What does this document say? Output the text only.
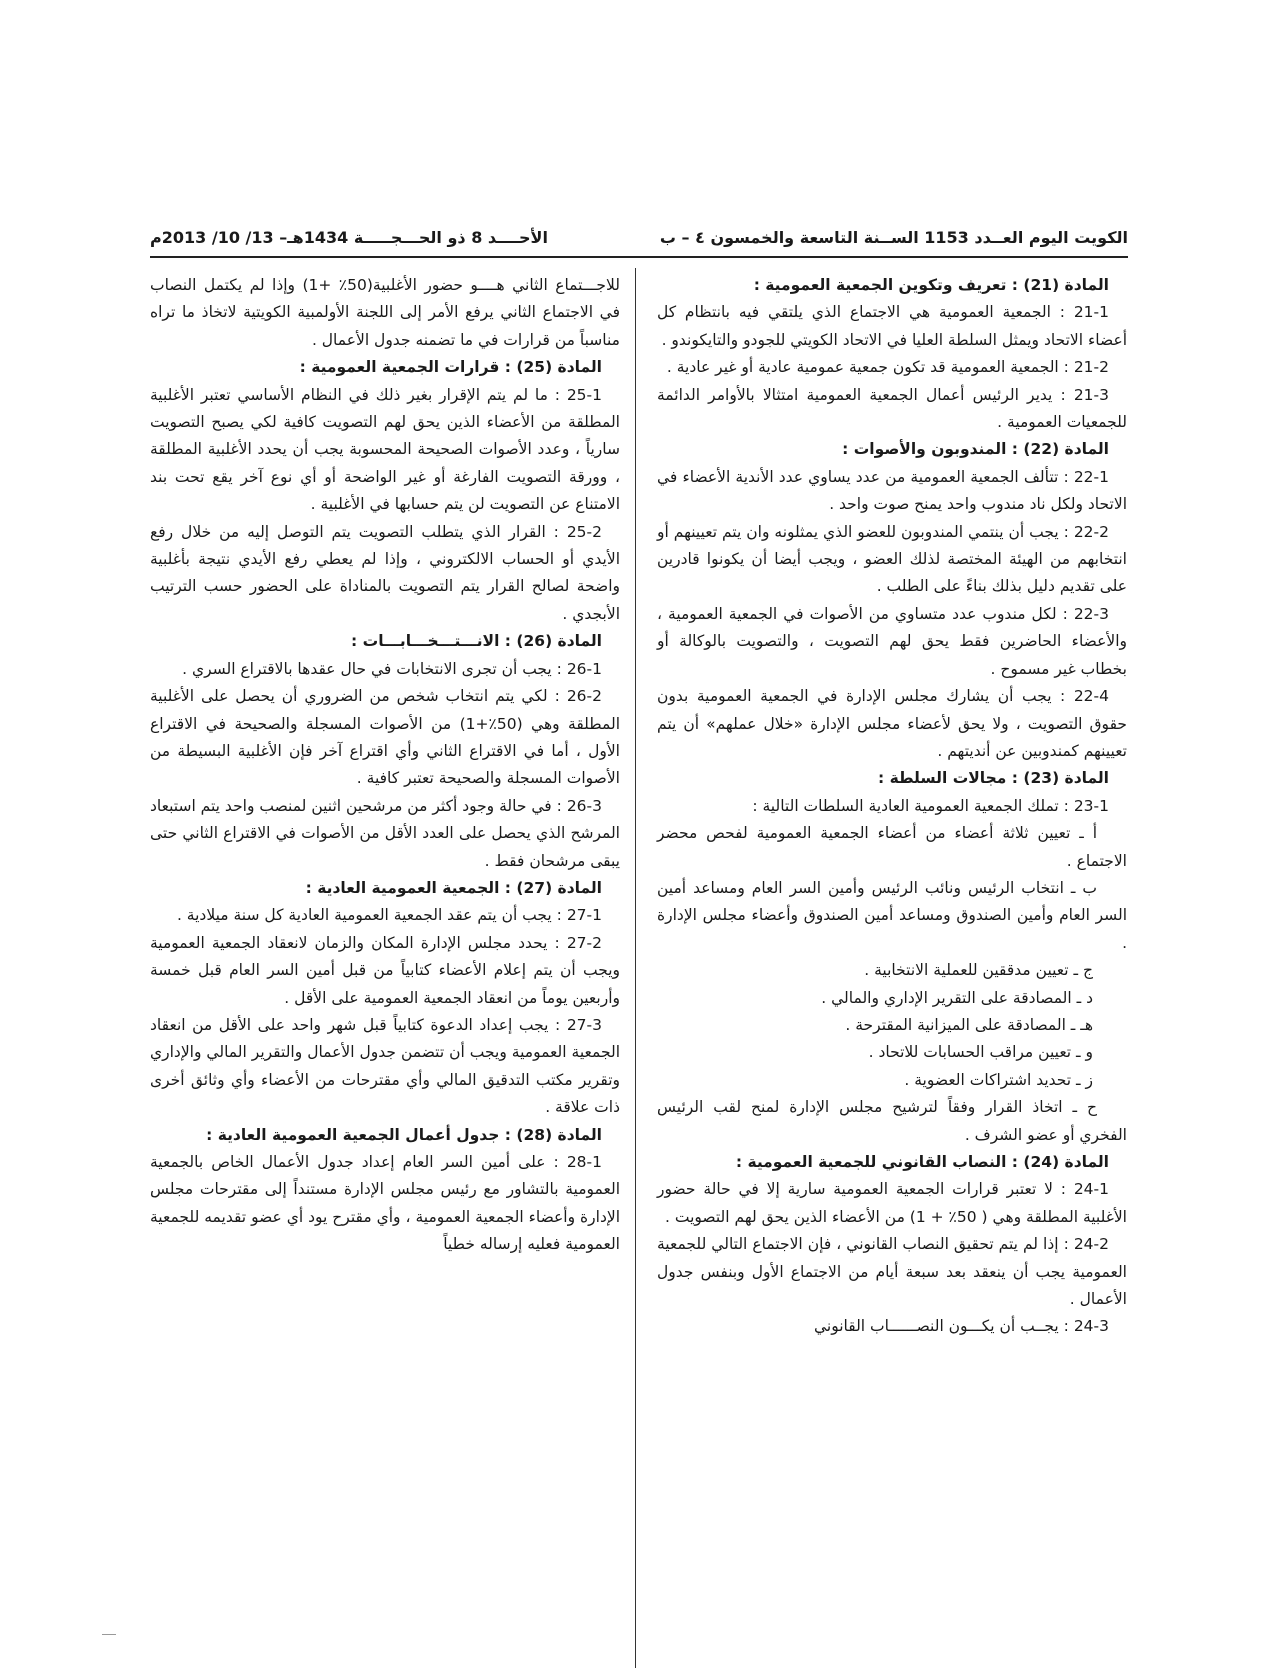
الكويت اليوم العــدد 1153 الســنة التاسعة والخمسون ٤ – ب
الأحــــد 8 ذو الحـــجـــــة 1434هـ– 13/ 10/ 2013م

المادة (21) : تعريف وتكوين الجمعية العمومية :

21-1 : الجمعية العمومية هي الاجتماع الذي يلتقي فيه بانتظام كل أعضاء الاتحاد ويمثل السلطة العليا في الاتحاد الكويتي للجودو والتايكوندو .

21-2 : الجمعية العمومية قد تكون جمعية عمومية عادية أو غير عادية .

21-3 : يدير الرئيس أعمال الجمعية العمومية امتثالا بالأوامر الدائمة للجمعيات العمومية .

المادة (22) : المندوبون والأصوات :

22-1 : تتألف الجمعية العمومية من عدد يساوي عدد الأندية الأعضاء في الاتحاد ولكل ناد مندوب واحد يمنح صوت واحد .

22-2 : يجب أن ينتمي المندوبون للعضو الذي يمثلونه وان يتم تعيينهم أو انتخابهم من الهيئة المختصة لذلك العضو ، ويجب أيضا أن يكونوا قادرين على تقديم دليل بذلك بناءً على الطلب .

22-3 : لكل مندوب عدد متساوي من الأصوات في الجمعية العمومية ، والأعضاء الحاضرين فقط يحق لهم التصويت ، والتصويت بالوكالة أو بخطاب غير مسموح .

22-4 : يجب أن يشارك مجلس الإدارة في الجمعية العمومية بدون حقوق التصويت ، ولا يحق لأعضاء مجلس الإدارة «خلال عملهم» أن يتم تعيينهم كمندوبين عن أنديتهم .

المادة (23) : مجالات السلطة :

23-1 : تملك الجمعية العمومية العادية السلطات التالية :

أ ـ تعيين ثلاثة أعضاء من أعضاء الجمعية العمومية لفحص محضر الاجتماع .

ب ـ انتخاب الرئيس ونائب الرئيس وأمين السر العام ومساعد أمين السر العام وأمين الصندوق ومساعد أمين الصندوق وأعضاء مجلس الإدارة .

ج ـ تعيين مدققين للعملية الانتخابية .

د ـ المصادقة على التقرير الإداري والمالي .

هـ ـ المصادقة على الميزانية المقترحة .

و ـ تعيين مراقب الحسابات للاتحاد .

ز ـ تحديد اشتراكات العضوية .

ح ـ اتخاذ القرار وفقاً لترشيح مجلس الإدارة لمنح لقب الرئيس الفخري أو عضو الشرف .

المادة (24) : النصاب القانوني للجمعية العمومية :

24-1 : لا تعتبر قرارات الجمعية العمومية سارية إلا في حالة حضور الأغلبية المطلقة وهي ( 50٪ + 1) من الأعضاء الذين يحق لهم التصويت .

24-2 : إذا لم يتم تحقيق النصاب القانوني ، فإن الاجتماع التالي للجمعية العمومية يجب أن ينعقد بعد سبعة أيام من الاجتماع الأول وبنفس جدول الأعمال .

24-3 : يجــب أن يكـــون النصــــــاب القانوني

للاجـــتماع الثاني هــــو حضور الأغلبية(50٪ +1) وإذا لم يكتمل النصاب في الاجتماع الثاني يرفع الأمر إلى اللجنة الأولمبية الكويتية لاتخاذ ما تراه مناسباً من قرارات في ما تضمنه جدول الأعمال .

المادة (25) : قرارات الجمعية العمومية :

25-1 : ما لم يتم الإقرار بغير ذلك في النظام الأساسي تعتبر الأغلبية المطلقة من الأعضاء الذين يحق لهم التصويت كافية لكي يصبح التصويت سارياً ، وعدد الأصوات الصحيحة المحسوبة يجب أن يحدد الأغلبية المطلقة ، وورقة التصويت الفارغة أو غير الواضحة أو أي نوع آخر يقع تحت بند الامتناع عن التصويت لن يتم حسابها في الأغلبية .

25-2 : القرار الذي يتطلب التصويت يتم التوصل إليه من خلال رفع الأيدي أو الحساب الالكتروني ، وإذا لم يعطي رفع الأيدي نتيجة بأغلبية واضحة لصالح القرار يتم التصويت بالمناداة على الحضور حسب الترتيب الأبجدي .

المادة (26) : الانـــتـــخـــابـــات :

26-1 : يجب أن تجرى الانتخابات في حال عقدها بالاقتراع السري .

26-2 : لكي يتم انتخاب شخص من الضروري أن يحصل على الأغلبية المطلقة وهي (50٪+1) من الأصوات المسجلة والصحيحة في الاقتراع الأول ، أما في الاقتراع الثاني وأي اقتراع آخر فإن الأغلبية البسيطة من الأصوات المسجلة والصحيحة تعتبر كافية .

26-3 : في حالة وجود أكثر من مرشحين اثنين لمنصب واحد يتم استبعاد المرشح الذي يحصل على العدد الأقل من الأصوات في الاقتراع الثاني حتى يبقى مرشحان فقط .

المادة (27) : الجمعية العمومية العادية :

27-1 : يجب أن يتم عقد الجمعية العمومية العادية كل سنة ميلادية .

27-2 : يحدد مجلس الإدارة المكان والزمان لانعقاد الجمعية العمومية ويجب أن يتم إعلام الأعضاء كتابياً من قبل أمين السر العام قبل خمسة وأربعين يوماً من انعقاد الجمعية العمومية على الأقل .

27-3 : يجب إعداد الدعوة كتابياً قبل شهر واحد على الأقل من انعقاد الجمعية العمومية ويجب أن تتضمن جدول الأعمال والتقرير المالي والإداري وتقرير مكتب التدقيق المالي وأي مقترحات من الأعضاء وأي وثائق أخرى ذات علاقة .

المادة (28) : جدول أعمال الجمعية العمومية العادية :

28-1 : على أمين السر العام إعداد جدول الأعمال الخاص بالجمعية العمومية بالتشاور مع رئيس مجلس الإدارة مستنداً إلى مقترحات مجلس الإدارة وأعضاء الجمعية العمومية ، وأي مقترح يود أي عضو تقديمه للجمعية العمومية فعليه إرساله خطياً
